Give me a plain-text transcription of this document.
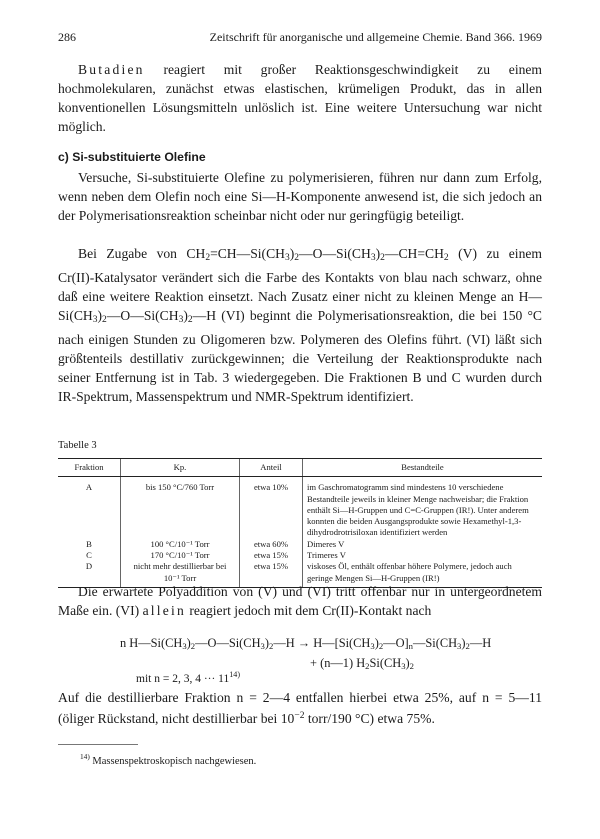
286	Zeitschrift für anorganische und allgemeine Chemie. Band 366. 1969

Butadien reagiert mit großer Reaktionsgeschwindigkeit zu einem hochmolekularen, zunächst etwas elastischen, krümeligen Produkt, das in allen konventionellen Lösungsmitteln unlöslich ist. Eine weitere Untersuchung war nicht möglich.

c) Si-substituierte Olefine

Versuche, Si-substituierte Olefine zu polymerisieren, führen nur dann zum Erfolg, wenn neben dem Olefin noch eine Si—H-Komponente anwesend ist, die sich jedoch an der Polymerisationsreaktion scheinbar nicht oder nur geringfügig beteiligt.

Bei Zugabe von $CH_2=CH—Si(CH_3)_2—O—Si(CH_3)_2—CH=CH_2$ (V) zu einem Cr(II)-Katalysator verändert sich die Farbe des Kontakts von blau nach schwarz, ohne daß eine weitere Reaktion einsetzt. Nach Zusatz einer nicht zu kleinen Menge an $H—Si(CH_3)_2—O—Si(CH_3)_2—H$ (VI) beginnt die Polymerisationsreaktion, die bei 150 °C nach einigen Stunden zu Oligomeren bzw. Polymeren des Olefins führt. (VI) läßt sich größtenteils destillativ zurückgewinnen; die Verteilung der Reaktionsprodukte nach seiner Entfernung ist in Tab. 3 wiedergegeben. Die Fraktionen B und C wurden durch IR-Spektrum, Massenspektrum und NMR-Spektrum identifiziert.

Tabelle 3
Fraktion	Kp.	Anteil	Bestandteile
A	bis 150 °C/760 Torr	etwa 10%	im Gaschromatogramm sind mindestens 10 verschiedene Bestandteile jeweils in kleiner Menge nachweisbar; die Fraktion enthält Si—H-Gruppen und C=C-Gruppen (IR!). Unter anderem konnten die beiden Ausgangsprodukte sowie Hexamethyl-1,3-dihydrodrotrisiloxan identifiziert werden
B	100 °C/10⁻¹ Torr	etwa 60%	Dimeres V
C	170 °C/10⁻¹ Torr	etwa 15%	Trimeres V
D	nicht mehr destillierbar bei 10⁻¹ Torr	etwa 15%	viskoses Öl, enthält offenbar höhere Polymere, jedoch auch geringe Mengen Si—H-Gruppen (IR!)

Die erwartete Polyaddition von (V) und (VI) tritt offenbar nur in untergeordnetem Maße ein. (VI) allein reagiert jedoch mit dem Cr(II)-Kontakt nach

n $H—Si(CH_3)_2—O—Si(CH_3)_2—H$ → $H—[Si(CH_3)_2—O]_n—Si(CH_3)_2—H$
+ (n—1) $H_2Si(CH_3)_2$
mit n = 2, 3, 4 ··· $11^{14)}$

Auf die destillierbare Fraktion n = 2—4 entfallen hierbei etwa 25%, auf n = 5—11 (öliger Rückstand, nicht destillierbar bei $10^{-2}$ torr/190 °C) etwa 75%.

$^{14)}$ Massenspektroskopisch nachgewiesen.
